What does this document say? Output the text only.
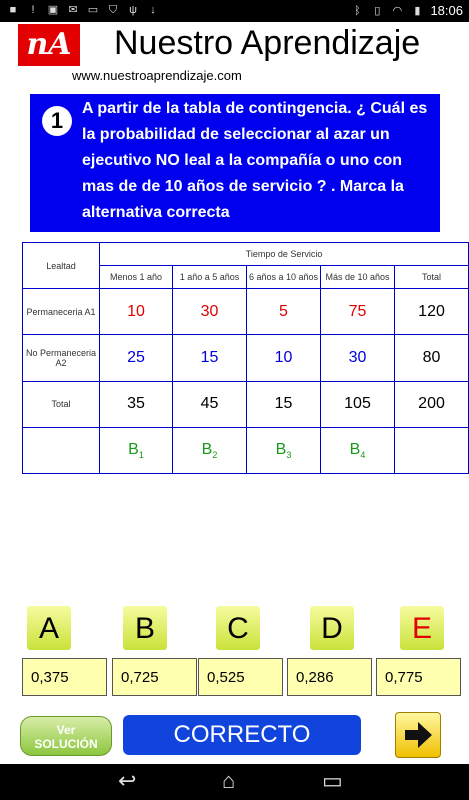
■	!	▣ ✉ ▭ ⛉ ψ	↓	ᛒ	▯	◠	▮ 18:06
nA Nuestro Aprendizaje
www.nuestroaprendizaje.com
1	A partir de la tabla de contingencia. ¿ Cuál es la probabilidad de seleccionar al azar un ejecutivo NO leal a la compañía o uno con mas de de 10 años de servicio ? . Marca la alternativa correcta
Lealtad	Tiempo de Servicio				
	Menos 1 año	1 año a 5 años	6 años a 10 años	Más de 10 años	Total
Permaneceria A1	10	30	5	75	120
No Permaneceria A2	25	15	10	30	80
Total	35	45	15	105	200
	$B_1$	$B_2$	$B_3$	$B_4$	
A	B	C	D	E
0,375	0,725	0,525	0,286	0,775
Ver
SOLUCIÓN	CORRECTO
↩	⌂	▭
